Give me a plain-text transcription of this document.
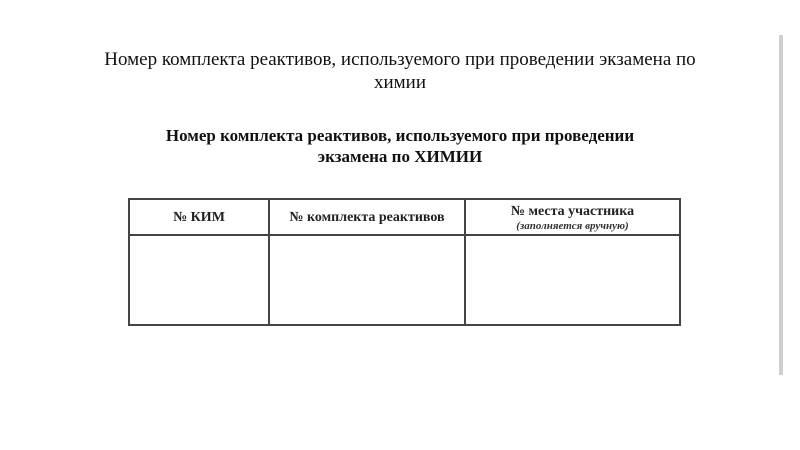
Номер комплекта реактивов, используемого при проведении экзамена по химии
Номер комплекта реактивов, используемого при проведении
экзамена по ХИМИИ
№ КИМ	№ комплекта реактивов	№ места участника
(заполняется вручную)
